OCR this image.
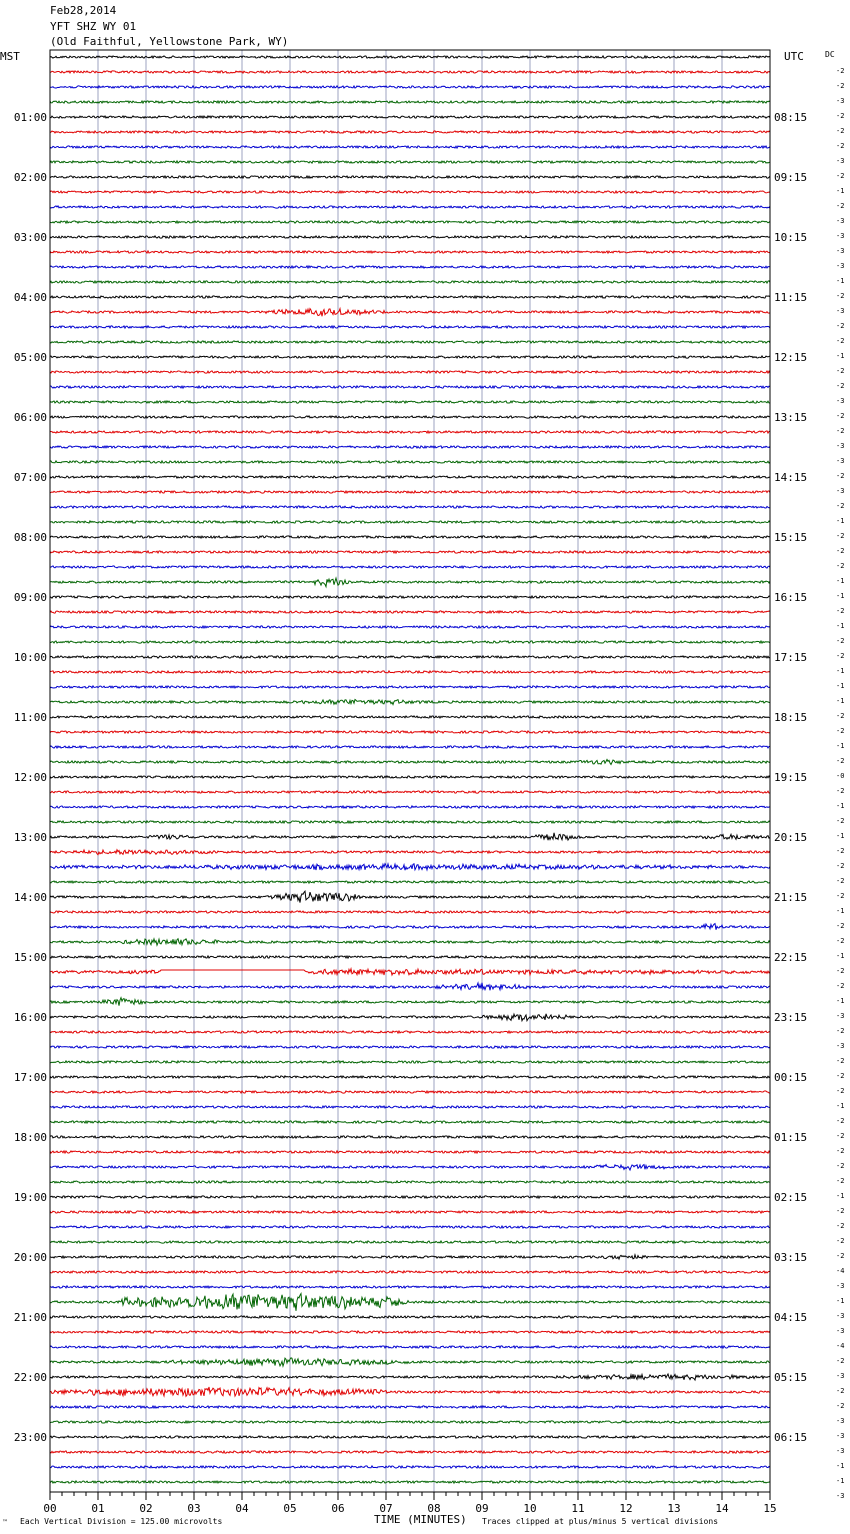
Feb28,2014
YFT SHZ WY 01
(Old Faithful, Yellowstone Park, WY)
00	01	02	03	04	05	06	07	08	09	10	11	12	13	14	15
01:00
02:00
03:00
04:00
05:00
06:00
07:00
08:00
09:00
10:00
11:00
12:00
13:00
14:00
15:00
16:00
17:00
18:00
19:00
20:00
21:00
22:00
23:00
08:15
09:15
10:15
11:15
12:15
13:15
14:15
15:15
16:15
17:15
18:15
19:15
20:15
21:15
22:15
23:15
00:15
01:15
02:15
03:15
04:15
05:15
06:15
-2
-2
-3
-2
-2
-2
-3
-2
-1
-2
-3
-3
-3
-3
-1
-2
-3
-2
-2
-1
-2
-2
-3
-2
-2
-3
-3
-2
-3
-2
-1
-2
-2
-2
-1
-1
-2
-1
-2
-2
-1
-1
-1
-2
-2
-1
-2
-0
-2
-1
-2
-1
-2
-2
-2
-2
-1
-2
-2
-1
-2
-2
-1
-3
-2
-3
-2
-2
-2
-1
-2
-2
-2
-2
-2
-1
-2
-2
-2
-2
-4
-3
-1
-3
-3
-4
-2
-3
-2
-2
-3
-3
-3
-1
-1
-3
MST	UTC	DC
™ Each Vertical Division = 125.00 microvolts	TIME (MINUTES) Traces clipped at plus/minus 5 vertical divisions
